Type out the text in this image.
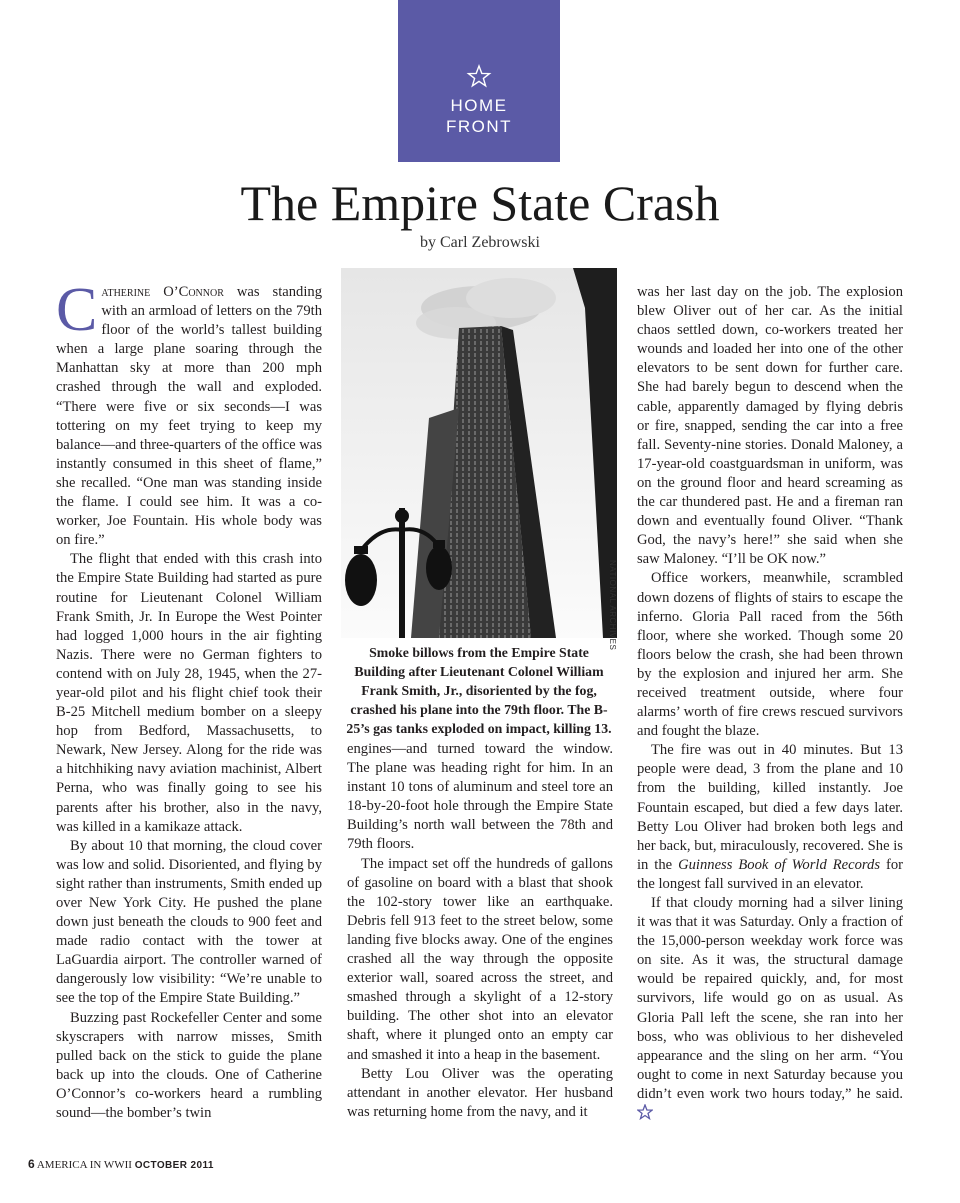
HOME
FRONT
The Empire State Crash
by Carl Zebrowski

Catherine O’Connor was standing with an armload of letters on the 79th floor of the world’s tallest building when a large plane soaring through the Manhattan sky at more than 200 mph crashed through the wall and exploded. “There were five or six seconds—I was tottering on my feet trying to keep my balance—and three-quarters of the office was instantly consumed in this sheet of flame,” she recalled. “One man was standing inside the flame. I could see him. It was a co-worker, Joe Fountain. His whole body was on fire.”

The flight that ended with this crash into the Empire State Building had started as pure routine for Lieutenant Colonel William Frank Smith, Jr. In Europe the West Pointer had logged 1,000 hours in the air fighting Nazis. There were no German fighters to contend with on July 28, 1945, when the 27-year-old pilot and his flight chief took their B-25 Mitchell medium bomber on a sleepy hop from Bedford, Massachusetts, to Newark, New Jersey. Along for the ride was a hitchhiking navy aviation machinist, Albert Perna, who was finally going to see his parents after his brother, also in the navy, was killed in a kamikaze attack.

By about 10 that morning, the cloud cover was low and solid. Disoriented, and flying by sight rather than instruments, Smith ended up over New York City. He pushed the plane down just beneath the clouds to 900 feet and made radio contact with the tower at LaGuardia airport. The controller warned of dangerously low visibility: “We’re unable to see the top of the Empire State Building.”

Buzzing past Rockefeller Center and some skyscrapers with narrow misses, Smith pulled back on the stick to guide the plane back up into the clouds. One of Catherine O’Connor’s co-workers heard a rumbling sound—the bomber’s twin

NATIONAL ARCHIVES
Smoke billows from the Empire State Building after Lieutenant Colonel William Frank Smith, Jr., disoriented by the fog, crashed his plane into the 79th floor. The B-25’s gas tanks exploded on impact, killing 13.

engines—and turned toward the window. The plane was heading right for him. In an instant 10 tons of aluminum and steel tore an 18-by-20-foot hole through the Empire State Building’s north wall between the 78th and 79th floors.

The impact set off the hundreds of gallons of gasoline on board with a blast that shook the 102-story tower like an earthquake. Debris fell 913 feet to the street below, some landing five blocks away. One of the engines crashed all the way through the opposite exterior wall, soared across the street, and smashed through a skylight of a 12-story building. The other shot into an elevator shaft, where it plunged onto an empty car and smashed it into a heap in the basement.

Betty Lou Oliver was the operating attendant in another elevator. Her husband was returning home from the navy, and it

was her last day on the job. The explosion blew Oliver out of her car. As the initial chaos settled down, co-workers treated her wounds and loaded her into one of the other elevators to be sent down for further care. She had barely begun to descend when the cable, apparently damaged by flying debris or fire, snapped, sending the car into a free fall. Seventy-nine stories. Donald Maloney, a 17-year-old coastguardsman in uniform, was on the ground floor and heard screaming as the car thundered past. He and a fireman ran down and eventually found Oliver. “Thank God, the navy’s here!” she said when she saw Maloney. “I’ll be OK now.”

Office workers, meanwhile, scrambled down dozens of flights of stairs to escape the inferno. Gloria Pall raced from the 56th floor, where she worked. Though some 20 floors below the crash, she had been thrown by the explosion and injured her arm. She received treatment outside, where four alarms’ worth of fire crews rescued survivors and fought the blaze.

The fire was out in 40 minutes. But 13 people were dead, 3 from the plane and 10 from the building, killed instantly. Joe Fountain escaped, but died a few days later. Betty Lou Oliver had broken both legs and her back, but, miraculously, recovered. She is in the Guinness Book of World Records for the longest fall survived in an elevator.

If that cloudy morning had a silver lining it was that it was Saturday. Only a fraction of the 15,000-person weekday work force was on site. As it was, the structural damage would be repaired quickly, and, for most survivors, life would go on as usual. As Gloria Pall left the scene, she ran into her boss, who was oblivious to her disheveled appearance and the sling on her arm. “You ought to come in next Saturday because you didn’t even work two hours today,” he said.

6 AMERICA IN WWII OCTOBER 2011
